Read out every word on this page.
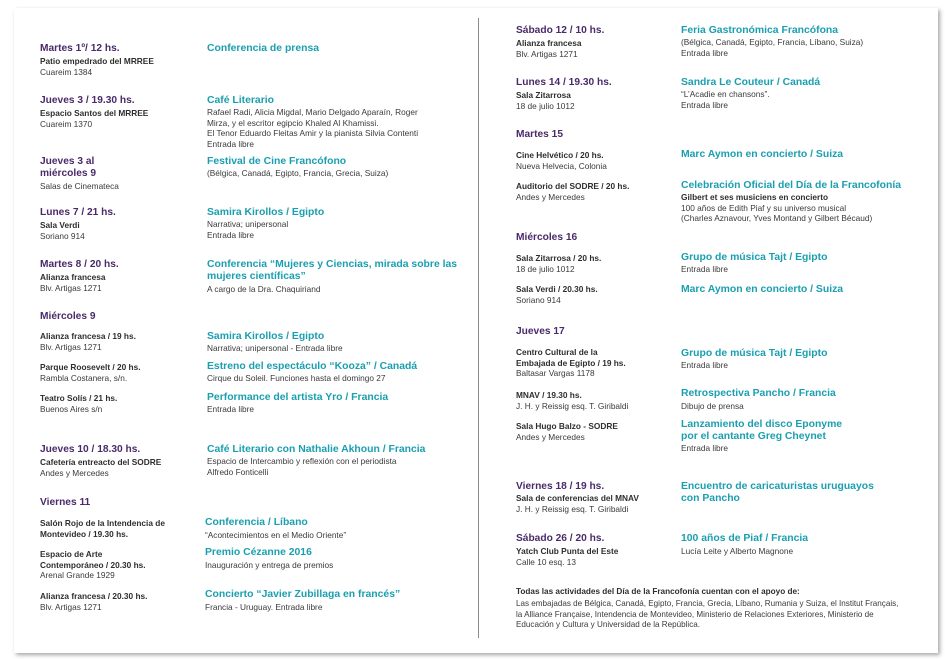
Martes 1º/ 12 hs.
Patio empedrado del MRREE
Cuareim 1384
Conferencia de prensa
Jueves 3 / 19.30 hs.
Espacio Santos del MRREE
Cuareim 1370
Café Literario
Rafael Radi, Alicia Migdal, Mario Delgado Aparaín, Roger
Mirza, y el escritor egipcio Khaled Al Khamissi.
El Tenor Eduardo Fleitas Amir y la pianista Silvia Contenti
Entrada libre
Jueves 3 al
miércoles 9
Salas de Cinemateca
Festival de Cine Francófono
(Bélgica, Canadá, Egipto, Francia, Grecia, Suiza)
Lunes 7 / 21 hs.
Sala Verdi
Soriano 914
Samira Kirollos / Egipto
Narrativa; unipersonal
Entrada libre
Martes 8 / 20 hs.
Alianza francesa
Blv. Artigas 1271
Conferencia “Mujeres y Ciencias, mirada sobre las
mujeres científicas”
A cargo de la Dra. Chaquiriand
Miércoles 9
Alianza francesa / 19 hs.
Blv. Artigas 1271
Samira Kirollos / Egipto
Narrativa; unipersonal - Entrada libre
Parque Roosevelt / 20 hs.
Rambla Costanera, s/n.
Estreno del espectáculo “Kooza” / Canadá
Cirque du Soleil. Funciones hasta el domingo 27
Teatro Solís / 21 hs.
Buenos Aires s/n
Performance del artista Yro / Francia
Entrada libre
Jueves 10 / 18.30 hs.
Cafetería entreacto del SODRE
Andes y Mercedes
Café Literario con Nathalie Akhoun / Francia
Espacio de Intercambio y reflexión con el periodista
Alfredo Fonticelli
Viernes 11
Salón Rojo de la Intendencia de
Montevideo / 19.30 hs.
Conferencia / Líbano
“Acontecimientos en el Medio Oriente”
Espacio de Arte
Contemporáneo / 20.30 hs.
Arenal Grande 1929
Premio Cézanne 2016
Inauguración y entrega de premios
Alianza francesa / 20.30 hs.
Blv. Artigas 1271
Concierto “Javier Zubillaga en francés”
Francia - Uruguay. Entrada libre
Sábado 12 / 10 hs.
Alianza francesa
Blv. Artigas 1271
Feria Gastronómica Francófona
(Bélgica, Canadá, Egipto, Francia, Líbano, Suiza)
Entrada libre
Lunes 14 / 19.30 hs.
Sala Zitarrosa
18 de julio 1012
Sandra Le Couteur / Canadá
“L’Acadie en chansons”.
Entrada libre
Martes 15
Cine Helvético / 20 hs.
Nueva Helvecia, Colonia
Marc Aymon en concierto / Suiza
Auditorio del SODRE / 20 hs.
Andes y Mercedes
Celebración Oficial del Día de la Francofonía
Gilbert et ses musiciens en concierto
100 años de Edith Piaf y su universo musical
(Charles Aznavour, Yves Montand y Gilbert Bécaud)
Miércoles 16
Sala Zitarrosa / 20 hs.
18 de julio 1012
Grupo de música Tajt / Egipto
Entrada libre
Sala Verdi / 20.30 hs.
Soriano 914
Marc Aymon en concierto / Suiza
Jueves 17
Centro Cultural de la
Embajada de Egipto / 19 hs.
Baltasar Vargas 1178
Grupo de música Tajt / Egipto
Entrada libre
MNAV / 19.30 hs.
J. H. y Reissig esq. T. Giribaldi
Retrospectiva Pancho / Francia
Dibujo de prensa
Sala Hugo Balzo - SODRE
Andes y Mercedes
Lanzamiento del disco Eponyme
por el cantante Greg Cheynet
Entrada libre
Viernes 18 / 19 hs.
Sala de conferencias del MNAV
J. H. y Reissig esq. T. Giribaldi
Encuentro de caricaturistas uruguayos
con Pancho
Sábado 26 / 20 hs.
Yatch Club Punta del Este
Calle 10 esq. 13
100 años de Piaf / Francia
Lucía Leite y Alberto Magnone
Todas las actividades del Día de la Francofonía cuentan con el apoyo de:
Las embajadas de Bélgica, Canadá, Egipto, Francia, Grecia, Líbano, Rumania y Suiza, el Institut Français,
la Alliance Française, Intendencia de Montevideo, Ministerio de Relaciones Exteriores, Ministerio de
Educación y Cultura y Universidad de la República.
